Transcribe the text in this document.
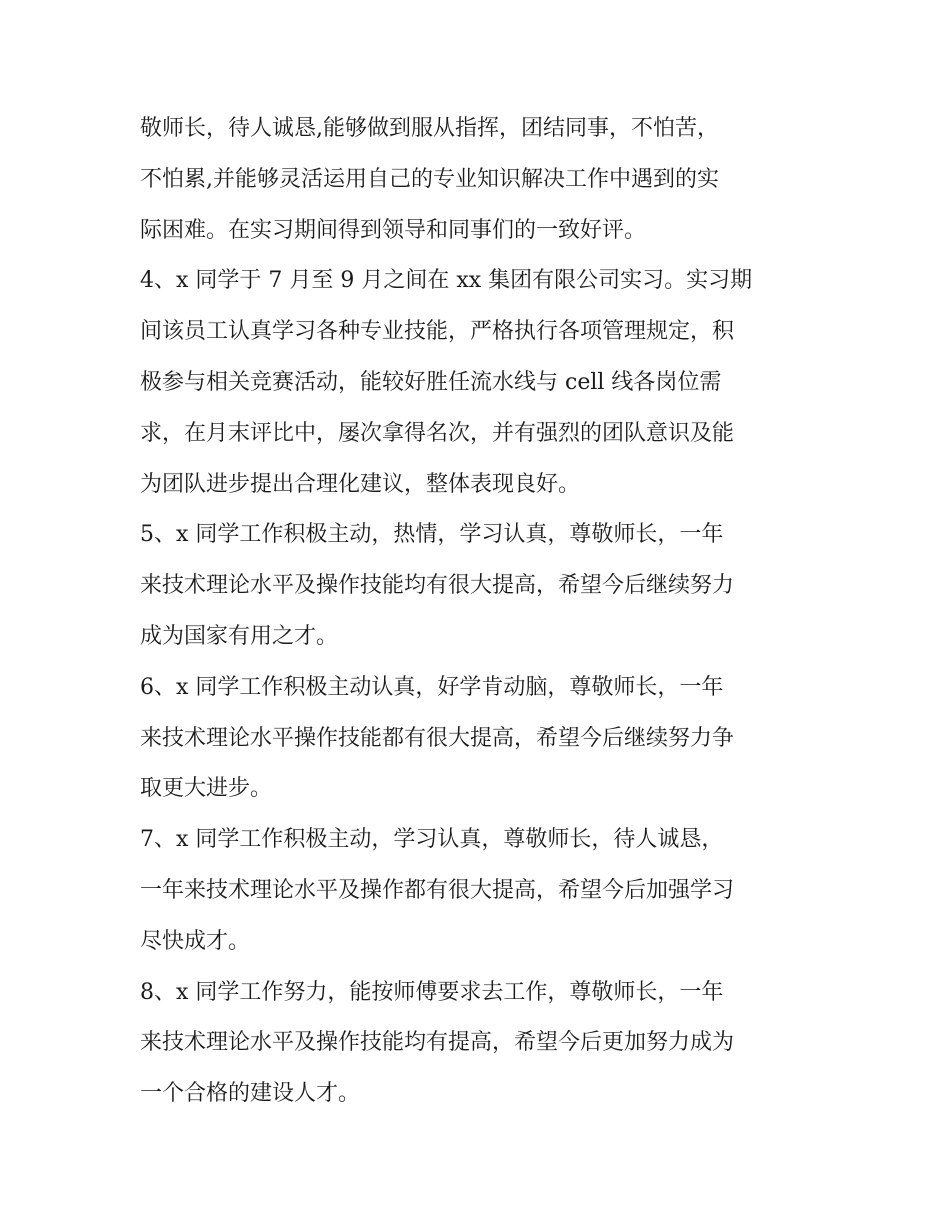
敬师长，待人诚恳,能够做到服从指挥，团结同事，不怕苦，
不怕累,并能够灵活运用自己的专业知识解决工作中遇到的实
际困难。在实习期间得到领导和同事们的一致好评。
4、x 同学于 7 月至 9 月之间在 xx 集团有限公司实习。实习期
间该员工认真学习各种专业技能，严格执行各项管理规定，积
极参与相关竞赛活动，能较好胜任流水线与 cell 线各岗位需
求，在月末评比中，屡次拿得名次，并有强烈的团队意识及能
为团队进步提出合理化建议，整体表现良好。
5、x 同学工作积极主动，热情，学习认真，尊敬师长，一年
来技术理论水平及操作技能均有很大提高，希望今后继续努力
成为国家有用之才。
6、x 同学工作积极主动认真，好学肯动脑，尊敬师长，一年
来技术理论水平操作技能都有很大提高，希望今后继续努力争
取更大进步。
7、x 同学工作积极主动，学习认真，尊敬师长，待人诚恳，
一年来技术理论水平及操作都有很大提高，希望今后加强学习
尽快成才。
8、x 同学工作努力，能按师傅要求去工作，尊敬师长，一年
来技术理论水平及操作技能均有提高，希望今后更加努力成为
一个合格的建设人才。
